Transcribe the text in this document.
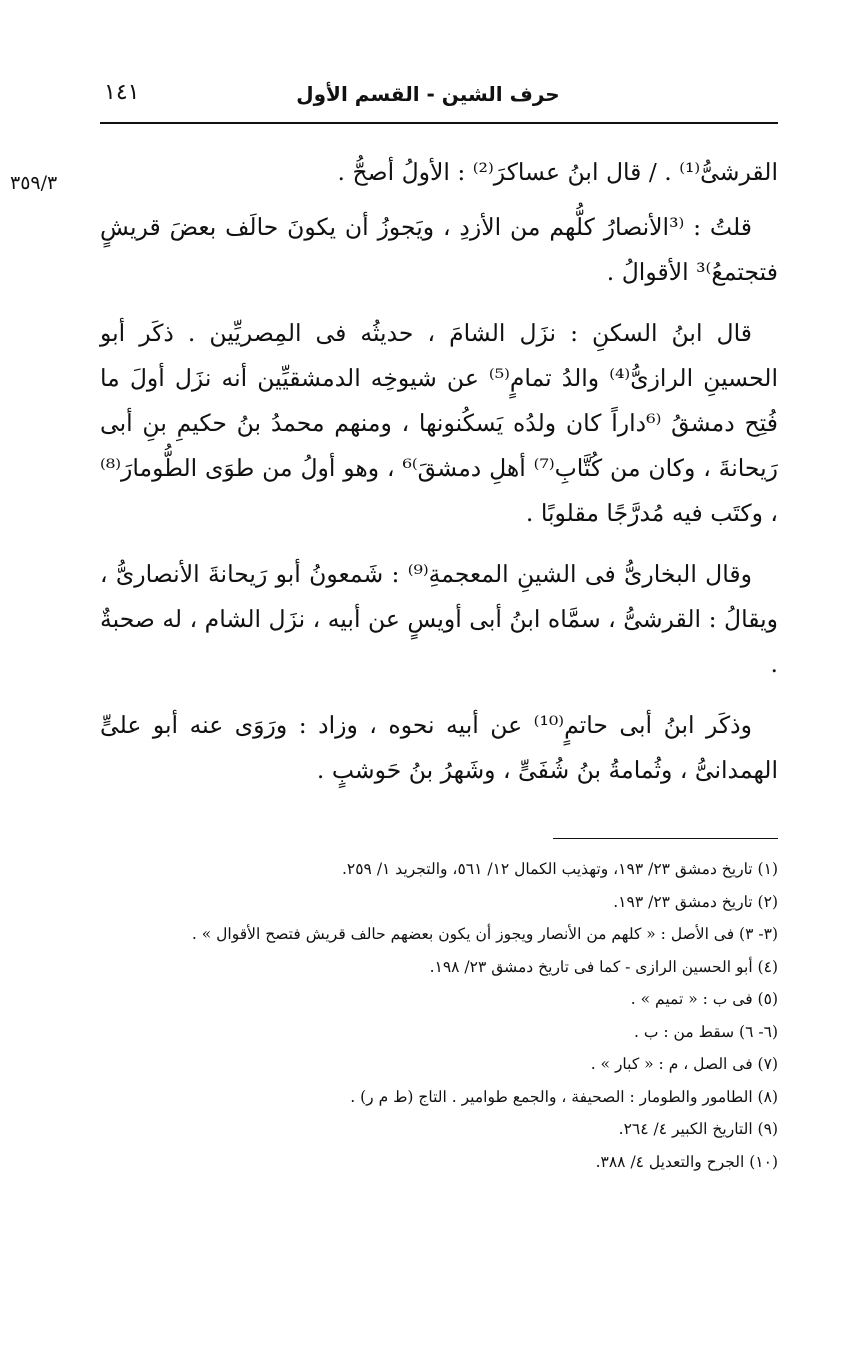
حرف الشين - القسم الأول
١٤١
٣٥٩/٣	القرشىُّ⁽¹⁾ . / قال ابنُ عساكرَ⁽²⁾ : الأولُ أصحُّ .

قلتُ : ⁽³الأنصارُ كلُّهم من الأزدِ ، ويَجوزُ أن يكونَ حالَف بعضَ قريشٍ فتجتمعُ⁾³ الأقوالُ .

قال ابنُ السكنِ : نزَل الشامَ ، حديثُه فى المِصريِّين . ذكَر أبو الحسينِ الرازىُّ⁽⁴⁾ والدُ تمامٍ⁽⁵⁾ عن شيوخِه الدمشقيِّين أنه نزَل أولَ ما فُتِح دمشقُ ⁽⁶داراً كان ولدُه يَسكُنونها ، ومنهم محمدُ بنُ حكيمِ بنِ أبى رَيحانةَ ، وكان من كُتَّابِ⁽⁷⁾ أهلِ دمشقَ⁾⁶ ، وهو أولُ من طوَى الطُّومارَ⁽⁸⁾ ، وكتَب فيه مُدرَّجًا مقلوبًا .

وقال البخارىُّ فى الشينِ المعجمةِ⁽⁹⁾ : شَمعونُ أبو رَيحانةَ الأنصارىُّ ، ويقالُ : القرشىُّ ، سمَّاه ابنُ أبى أويسٍ عن أبيه ، نزَل الشام ، له صحبةٌ .

وذكَر ابنُ أبى حاتمٍ⁽¹⁰⁾ عن أبيه نحوه ، وزاد : ورَوَى عنه أبو علىٍّ الهمدانىُّ ، وثُمامةُ بنُ شُفَىٍّ ، وشَهرُ بنُ حَوشبٍ .

(١) تاريخ دمشق ٢٣/ ١٩٣، وتهذيب الكمال ١٢/ ٥٦١، والتجريد ١/ ٢٥٩.
(٢) تاريخ دمشق ٢٣/ ١٩٣.
(٣- ٣) فى الأصل : « كلهم من الأنصار ويجوز أن يكون بعضهم حالف قريش فتصح الأقوال » .
(٤) أبو الحسين الرازى - كما فى تاريخ دمشق ٢٣/ ١٩٨.
(٥) فى ب : « تميم » .
(٦- ٦) سقط من : ب .
(٧) فى الصل ، م : « كبار » .
(٨) الطامور والطومار : الصحيفة ، والجمع طوامير . التاج (ط م ر) .
(٩) التاريخ الكبير ٤/ ٢٦٤.
(١٠) الجرح والتعديل ٤/ ٣٨٨.
